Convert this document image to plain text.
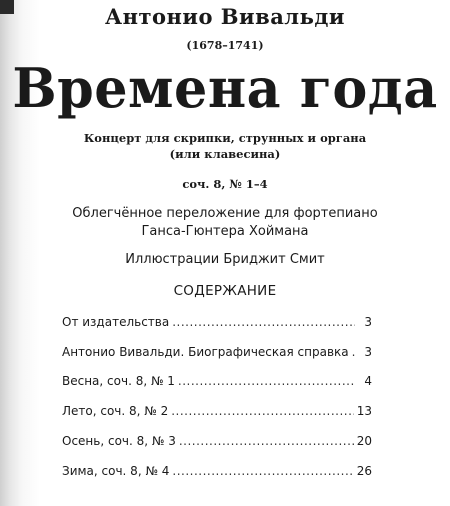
Антонио Вивальди
(1678–1741)
Времена года
Концерт для скрипки, струнных и органа
(или клавесина)
соч. 8, № 1–4
Облегчённое переложение для фортепиано
Ганса-Гюнтера Хоймана
Иллюстрации Бриджит Смит
СОДЕРЖАНИЕ
От издательства .....	3
Антонио Вивальди. Биографическая справка .....	3
Весна, соч. 8, № 1 .....	4
Лето, соч. 8, № 2 .....	13
Осень, соч. 8, № 3 .....	20
Зима, соч. 8, № 4 .....	26
